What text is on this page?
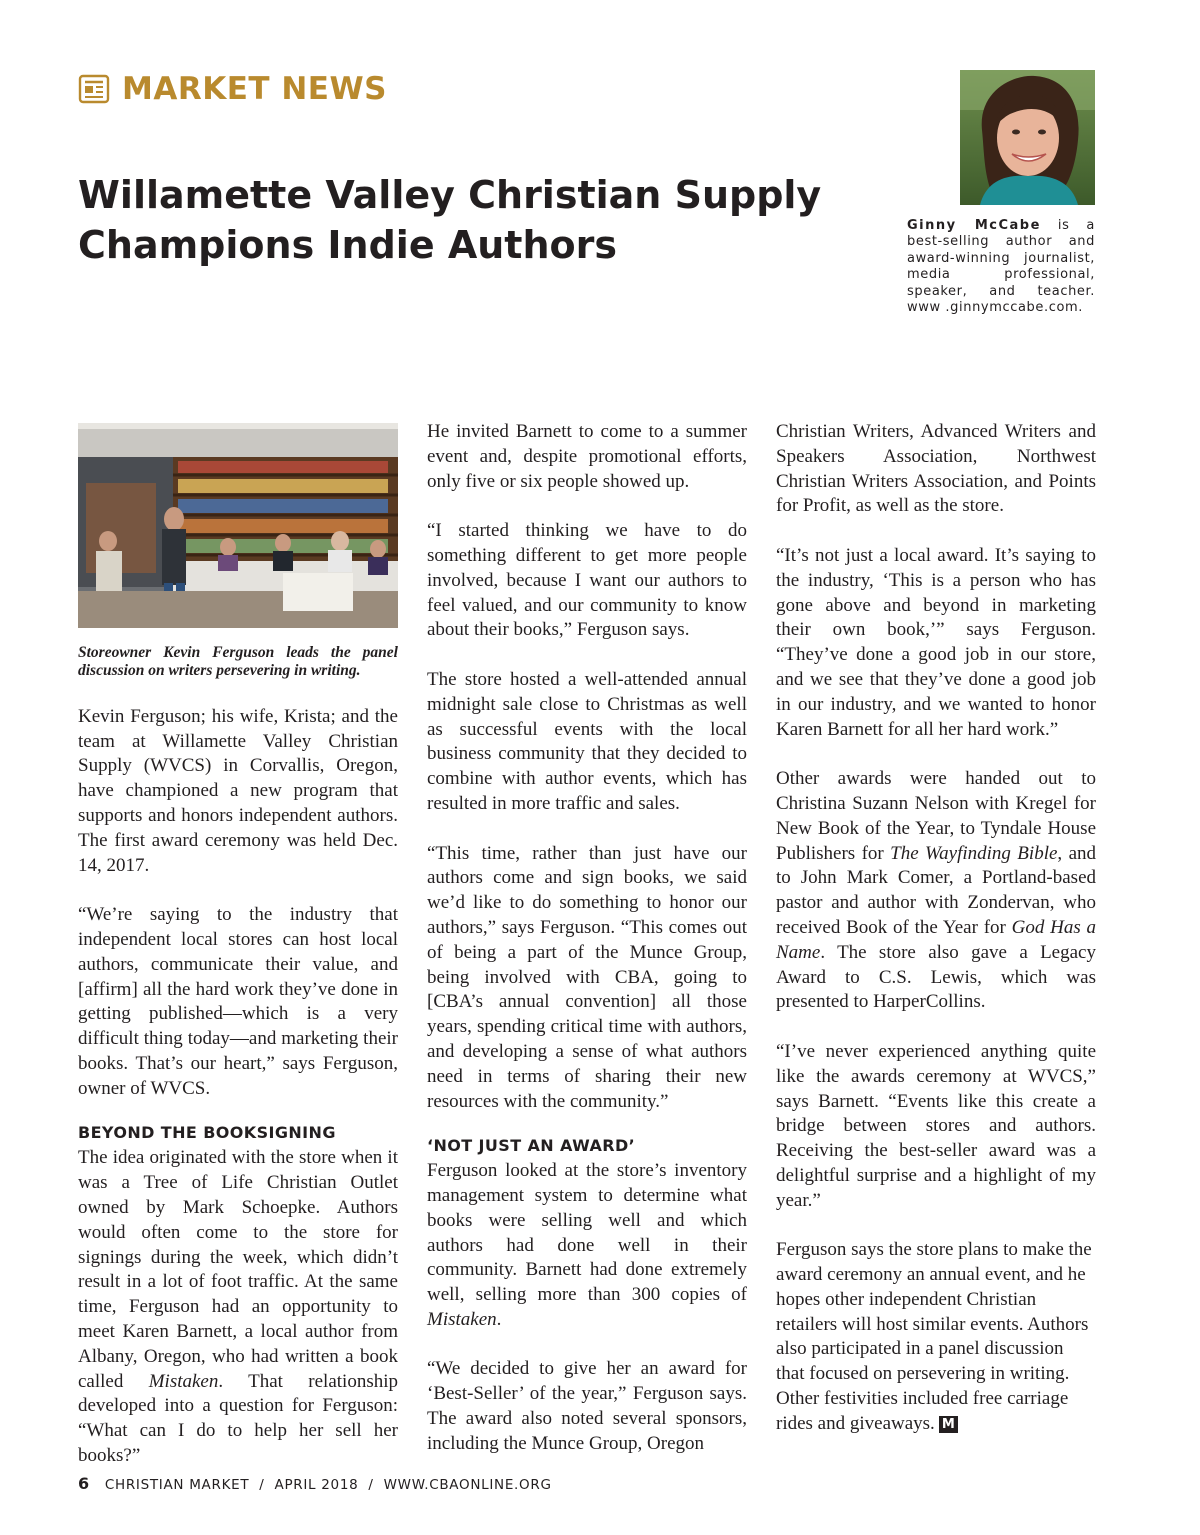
MARKET NEWS
Willamette Valley Christian Supply Champions Indie Authors	Ginny McCabe is a best-selling author and award-winning journalist, media professional, speaker, and teacher. www .ginnymccabe.com.

Storeowner Kevin Ferguson leads the panel discussion on writers persevering in writing.

Kevin Ferguson; his wife, Krista; and the team at Willamette Valley Christian Supply (WVCS) in Corvallis, Oregon, have championed a new program that supports and honors independent authors. The first award ceremony was held Dec. 14, 2017.

“We’re saying to the industry that independent local stores can host local authors, communicate their value, and [affirm] all the hard work they’ve done in getting published—which is a very difficult thing today—and marketing their books. That’s our heart,” says Ferguson, owner of WVCS.

BEYOND THE BOOKSIGNING

The idea originated with the store when it was a Tree of Life Christian Outlet owned by Mark Schoepke. Authors would often come to the store for signings during the week, which didn’t result in a lot of foot traffic. At the same time, Ferguson had an opportunity to meet Karen Barnett, a local author from Albany, Oregon, who had written a book called Mistaken. That relationship developed into a question for Ferguson: “What can I do to help her sell her books?”

He invited Barnett to come to a summer event and, despite promotional efforts, only five or six people showed up.

“I started thinking we have to do something different to get more people involved, because I want our authors to feel valued, and our community to know about their books,” Ferguson says.

The store hosted a well-attended annual midnight sale close to Christmas as well as successful events with the local business community that they decided to combine with author events, which has resulted in more traffic and sales.

“This time, rather than just have our authors come and sign books, we said we’d like to do something to honor our authors,” says Ferguson. “This comes out of being a part of the Munce Group, being involved with CBA, going to [CBA’s annual convention] all those years, spending critical time with authors, and developing a sense of what authors need in terms of sharing their new resources with the community.”

‘NOT JUST AN AWARD’

Ferguson looked at the store’s inventory management system to determine what books were selling well and which authors had done well in their community. Barnett had done extremely well, selling more than 300 copies of Mistaken.

“We decided to give her an award for ‘Best-Seller’ of the year,” Ferguson says. The award also noted several sponsors, including the Munce Group, Oregon

Christian Writers, Advanced Writers and Speakers Association, Northwest Christian Writers Association, and Points for Profit, as well as the store.

“It’s not just a local award. It’s saying to the industry, ‘This is a person who has gone above and beyond in marketing their own book,’” says Ferguson. “They’ve done a good job in our store, and we see that they’ve done a good job in our industry, and we wanted to honor Karen Barnett for all her hard work.”

Other awards were handed out to Christina Suzann Nelson with Kregel for New Book of the Year, to Tyndale House Publishers for The Wayfinding Bible, and to John Mark Comer, a Portland-based pastor and author with Zondervan, who received Book of the Year for God Has a Name. The store also gave a Legacy Award to C.S. Lewis, which was presented to HarperCollins.

“I’ve never experienced anything quite like the awards ceremony at WVCS,” says Barnett. “Events like this create a bridge between stores and authors. Receiving the best-seller award was a delightful surprise and a highlight of my year.”

Ferguson says the store plans to make the award ceremony an annual event, and he hopes other independent Christian retailers will host similar events. Authors also participated in a panel discussion that focused on persevering in writing. Other festivities included free carriage rides and giveaways. M

6 CHRISTIAN MARKET  /  APRIL 2018  /  WWW.CBAONLINE.ORG
